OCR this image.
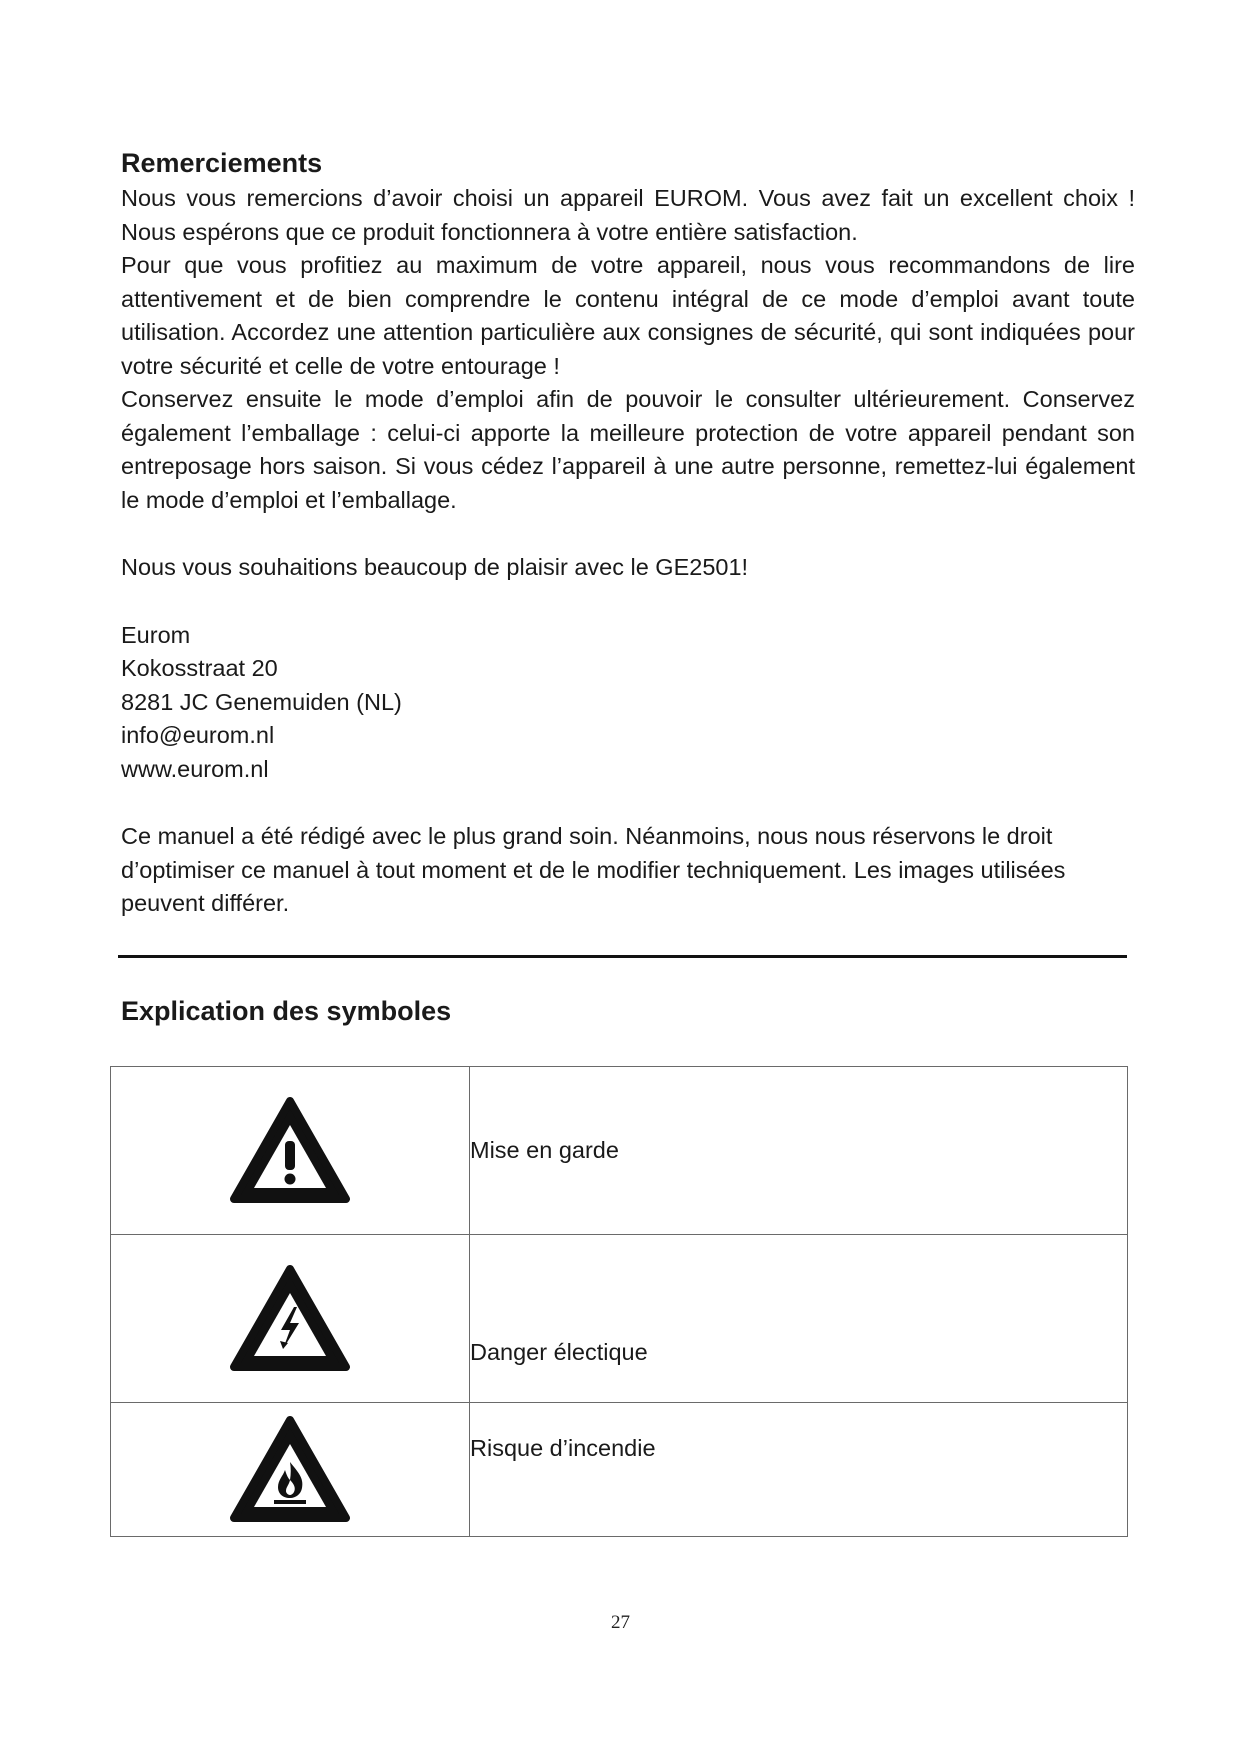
Remerciements

Nous vous remercions d’avoir choisi un appareil EUROM. Vous avez fait un excellent choix ! Nous espérons que ce produit fonctionnera à votre entière satisfaction.

Pour que vous profitiez au maximum de votre appareil, nous vous recommandons de lire attentivement et de bien comprendre le contenu intégral de ce mode d’emploi avant toute utilisation. Accordez une attention particulière aux consignes de sécurité, qui sont indiquées pour votre sécurité et celle de votre entourage !

Conservez ensuite le mode d’emploi afin de pouvoir le consulter ultérieurement. Conservez également l’emballage : celui-ci apporte la meilleure protection de votre appareil pendant son entreposage hors saison. Si vous cédez l’appareil à une autre personne, remettez-lui également le mode d’emploi et l’emballage.

Nous vous souhaitions beaucoup de plaisir avec le GE2501!

Eurom

Kokosstraat 20

8281 JC Genemuiden (NL)

info@eurom.nl

www.eurom.nl

Ce manuel a été rédigé avec le plus grand soin. Néanmoins, nous nous réservons le droit d’optimiser ce manuel à tout moment et de le modifier techniquement. Les images utilisées peuvent différer.

Explication des symboles
	Mise en garde

	Danger électique

	Risque d’incendie
27
